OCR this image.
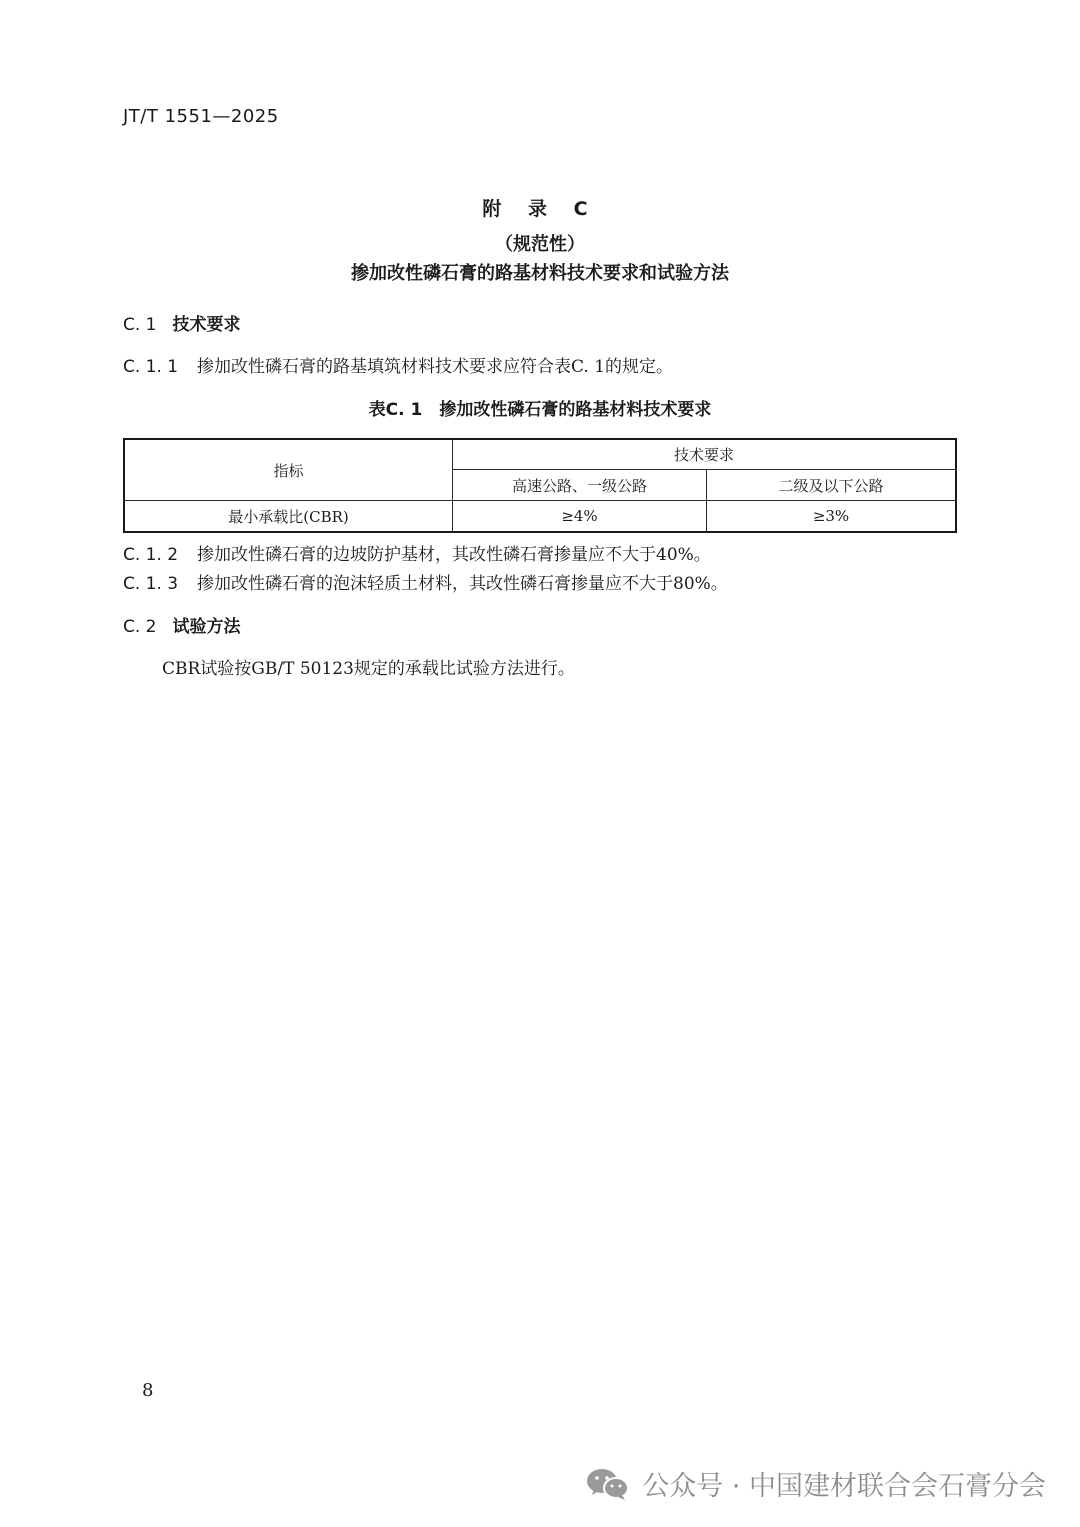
JT/T 1551—2025
附 录 C
（规范性）
掺加改性磷石膏的路基材料技术要求和试验方法
C. 1 技术要求
C. 1. 1 掺加改性磷石膏的路基填筑材料技术要求应符合表C. 1的规定。
表C. 1　掺加改性磷石膏的路基材料技术要求
指标	技术要求	
	高速公路、一级公路	二级及以下公路
最小承载比(CBR)	≥4%	≥3%
C. 1. 2 掺加改性磷石膏的边坡防护基材，其改性磷石膏掺量应不大于40%。
C. 1. 3 掺加改性磷石膏的泡沫轻质土材料，其改性磷石膏掺量应不大于80%。
C. 2 试验方法
CBR试验按GB/T 50123规定的承载比试验方法进行。
8
公众号 · 中国建材联合会石膏分会
